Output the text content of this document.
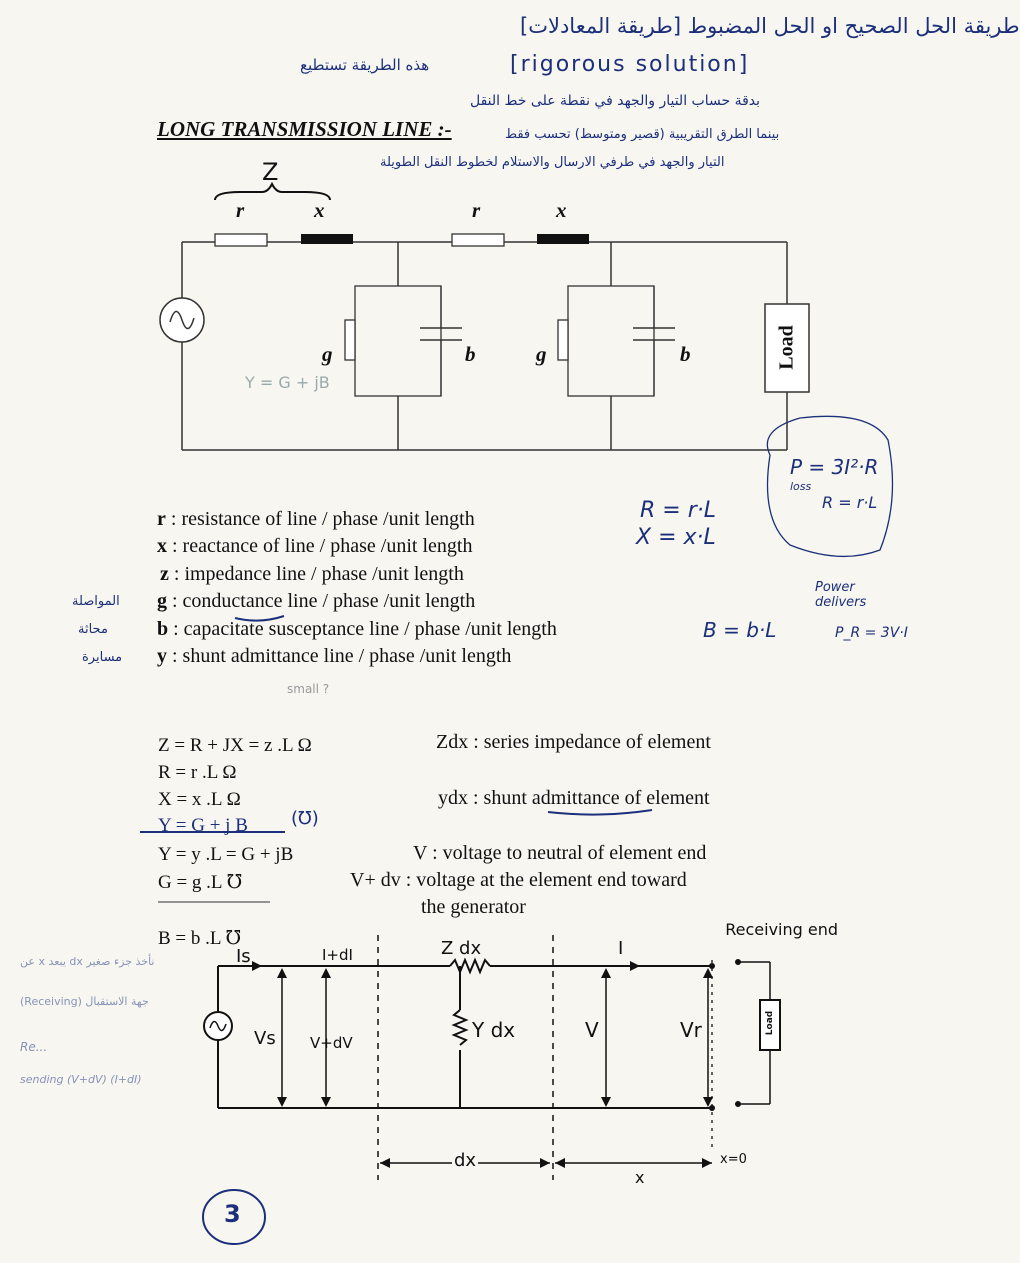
طريقة الحل الصحيح او الحل المضبوط [طريقة المعادلات]
هذه الطريقة تستطيع	[rigorous solution]
بدقة حساب التيار والجهد في نقطة على خط النقل
بينما الطرق التقريبية (قصير ومتوسط) تحسب فقط
التيار والجهد في طرفي الارسال والاستلام لخطوط النقل الطويلة
LONG TRANSMISSION LINE :-
Z
r	x	r	x
g	b	g	b	Load
Y = G + jB
P = 3I²·R
loss
R = r·L
Power delivers
P_R = 3V·I
R = r·L
X = x·L
B = b·L
r : resistance of line / phase /unit length
x : reactance of line / phase /unit length
z : impedance line / phase /unit length
g : conductance line / phase /unit length
b : capacitate susceptance line / phase /unit length
y : shunt admittance line / phase /unit length
المواصلة
محاثة
مسايرة
small ?
Z = R + JX = z .L Ω
R = r .L Ω
X = x .L Ω
Y = G + j B (℧)
Y = y .L = G + jB
G = g .L ℧
B = b .L ℧
Zdx : series impedance of element
ydx : shunt admittance of element
V : voltage to neutral of element end
V+ dv : voltage at the element end toward
the generator
Is	I+dI	Z dx	I
Y dx
Vs V+dV
V	Vr
dx
x
x=0
Receiving end
Load
نأخذ جزء صغير dx يبعد x عن
جهة الاستقبال (Receiving)
Re...
sending (V+dV) (I+dI)
3
